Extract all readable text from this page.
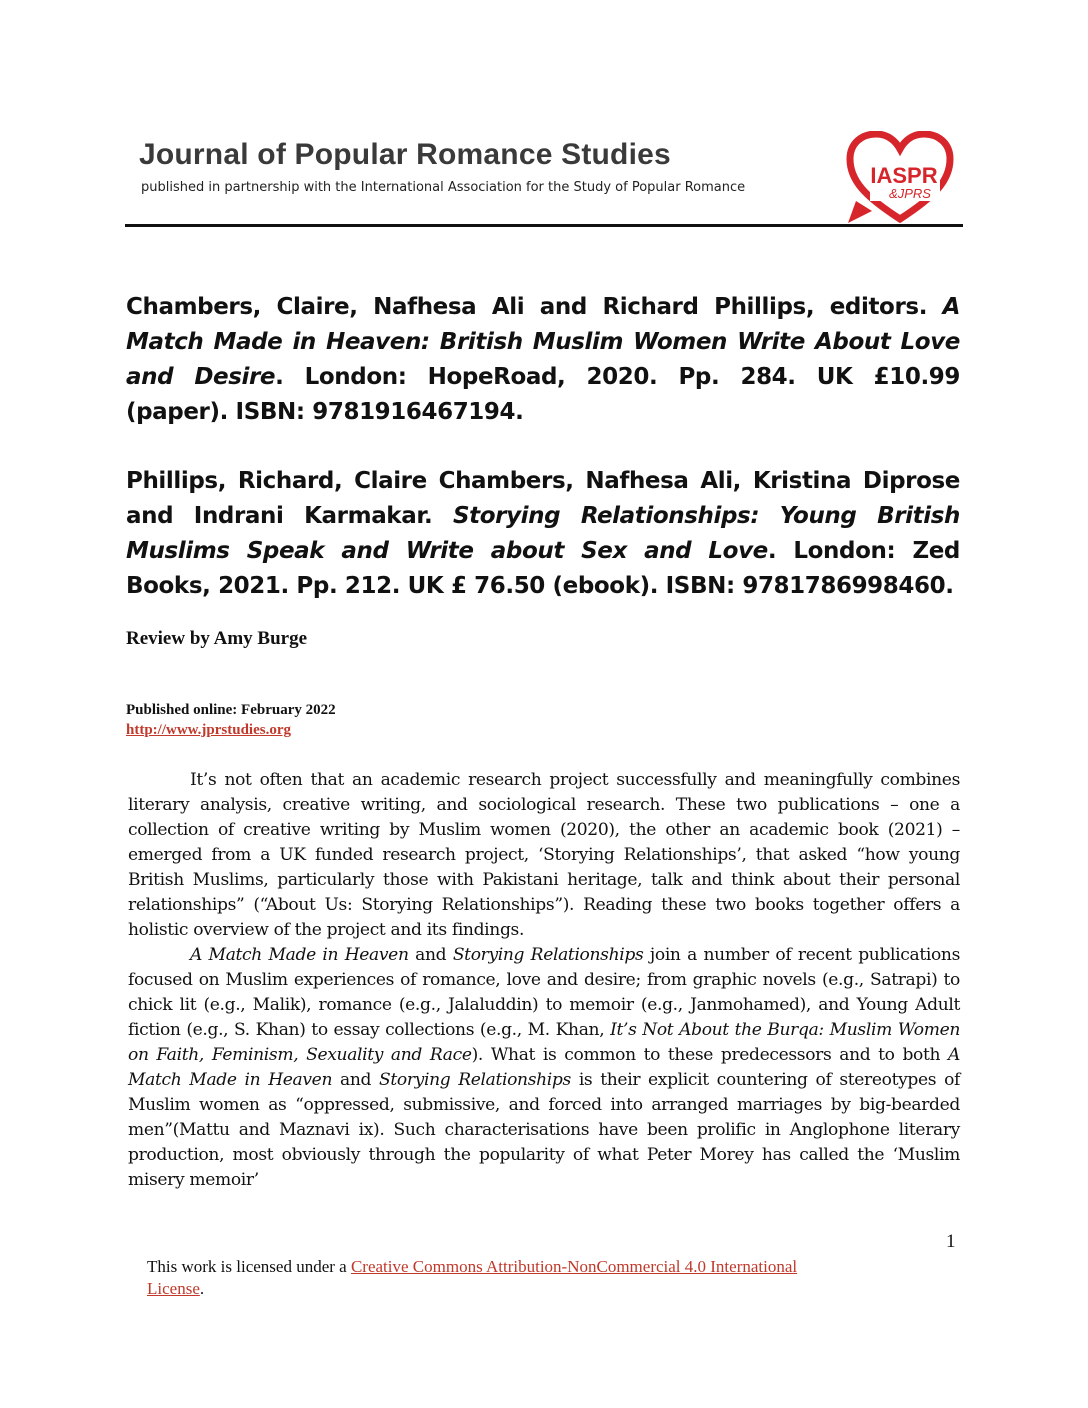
Journal of Popular Romance Studies
published in partnership with the International Association for the Study of Popular Romance	IASPR
&JPRS
Chambers, Claire, Nafhesa Ali and Richard Phillips, editors. A Match Made in Heaven: British Muslim Women Write About Love and Desire. London: HopeRoad, 2020. Pp. 284. UK £10.99 (paper). ISBN: 9781916467194.
Phillips, Richard, Claire Chambers, Nafhesa Ali, Kristina Diprose and Indrani Karmakar. Storying Relationships: Young British Muslims Speak and Write about Sex and Love. London: Zed Books, 2021. Pp. 212. UK £ 76.50 (ebook). ISBN: 9781786998460.
Review by Amy Burge
Published online: February 2022
http://www.jprstudies.org

It’s not often that an academic research project successfully and meaningfully combines literary analysis, creative writing, and sociological research. These two publications – one a collection of creative writing by Muslim women (2020), the other an academic book (2021) – emerged from a UK funded research project, ‘Storying Relationships’, that asked “how young British Muslims, particularly those with Pakistani heritage, talk and think about their personal relationships” (“About Us: Storying Relationships”). Reading these two books together offers a holistic overview of the project and its findings.

A Match Made in Heaven and Storying Relationships join a number of recent publications focused on Muslim experiences of romance, love and desire; from graphic novels (e.g., Satrapi) to chick lit (e.g., Malik), romance (e.g., Jalaluddin) to memoir (e.g., Janmohamed), and Young Adult fiction (e.g., S. Khan) to essay collections (e.g., M. Khan, It’s Not About the Burqa: Muslim Women on Faith, Feminism, Sexuality and Race). What is common to these predecessors and to both A Match Made in Heaven and Storying Relationships is their explicit countering of stereotypes of Muslim women as “oppressed, submissive, and forced into arranged marriages by big-bearded men”(Mattu and Maznavi ix). Such characterisations have been prolific in Anglophone literary production, most obviously through the popularity of what Peter Morey has called the ‘Muslim misery memoir’

1
This work is licensed under a Creative Commons Attribution-NonCommercial 4.0 International License.
